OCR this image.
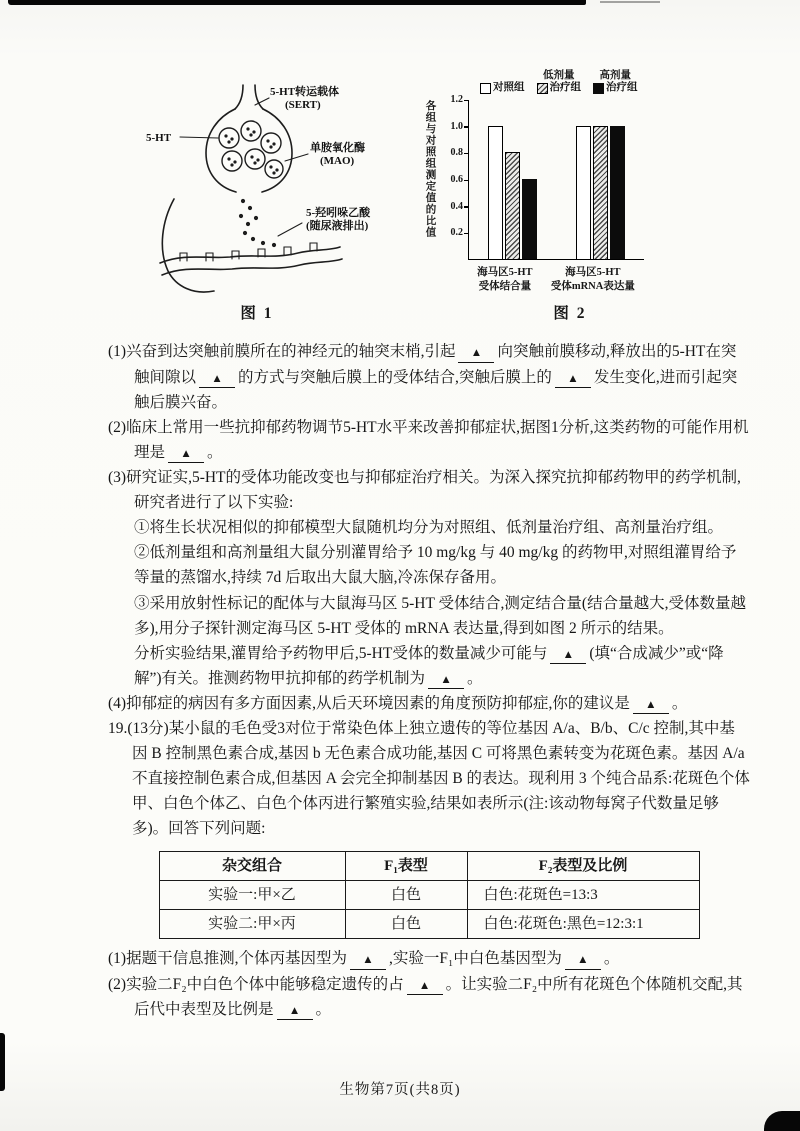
5-HT转运载体
(SERT)
5-HT
单胺氧化酶
(MAO)
5-羟吲哚乙酸
(随尿液排出)
图 1
对照组
低剂量
治疗组
高剂量
治疗组
各组与对照组测定值的比值	0.2
0.4
0.6
0.8
1.0
1.2
海马区5-HT
受体结合量
海马区5-HT
受体mRNA表达量
图 2

(1)兴奋到达突触前膜所在的神经元的轴突末梢,引起 ▲ 向突触前膜移动,释放出的5-HT在突触间隙以 ▲ 的方式与突触后膜上的受体结合,突触后膜上的 ▲ 发生变化,进而引起突触后膜兴奋。

(2)临床上常用一些抗抑郁药物调节5-HT水平来改善抑郁症状,据图1分析,这类药物的可能作用机理是 ▲ 。

(3)研究证实,5-HT的受体功能改变也与抑郁症治疗相关。为深入探究抗抑郁药物甲的药学机制,研究者进行了以下实验:

①将生长状况相似的抑郁模型大鼠随机均分为对照组、低剂量治疗组、高剂量治疗组。

②低剂量组和高剂量组大鼠分别灌胃给予 10 mg/kg 与 40 mg/kg 的药物甲,对照组灌胃给予等量的蒸馏水,持续 7d 后取出大鼠大脑,冷冻保存备用。

③采用放射性标记的配体与大鼠海马区 5-HT 受体结合,测定结合量(结合量越大,受体数量越多),用分子探针测定海马区 5-HT 受体的 mRNA 表达量,得到如图 2 所示的结果。

分析实验结果,灌胃给予药物甲后,5-HT受体的数量减少可能与 ▲ (填“合成减少”或“降解”)有关。推测药物甲抗抑郁的药学机制为 ▲ 。

(4)抑郁症的病因有多方面因素,从后天环境因素的角度预防抑郁症,你的建议是 ▲ 。

19.(13分)某小鼠的毛色受3对位于常染色体上独立遗传的等位基因 A/a、B/b、C/c 控制,其中基因 B 控制黑色素合成,基因 b 无色素合成功能,基因 C 可将黑色素转变为花斑色素。基因 A/a 不直接控制色素合成,但基因 A 会完全抑制基因 B 的表达。现利用 3 个纯合品系:花斑色个体甲、白色个体乙、白色个体丙进行繁殖实验,结果如表所示(注:该动物每窝子代数量足够多)。回答下列问题:

杂交组合	F₁表型	F₂表型及比例
实验一:甲×乙	白色	白色:花斑色=13:3
实验二:甲×丙	白色	白色:花斑色:黑色=12:3:1

(1)据题干信息推测,个体丙基因型为 ▲ ,实验一F₁中白色基因型为 ▲ 。

(2)实验二F₂中白色个体中能够稳定遗传的占 ▲ 。让实验二F₂中所有花斑色个体随机交配,其后代中表型及比例是 ▲ 。

生物第7页(共8页)
